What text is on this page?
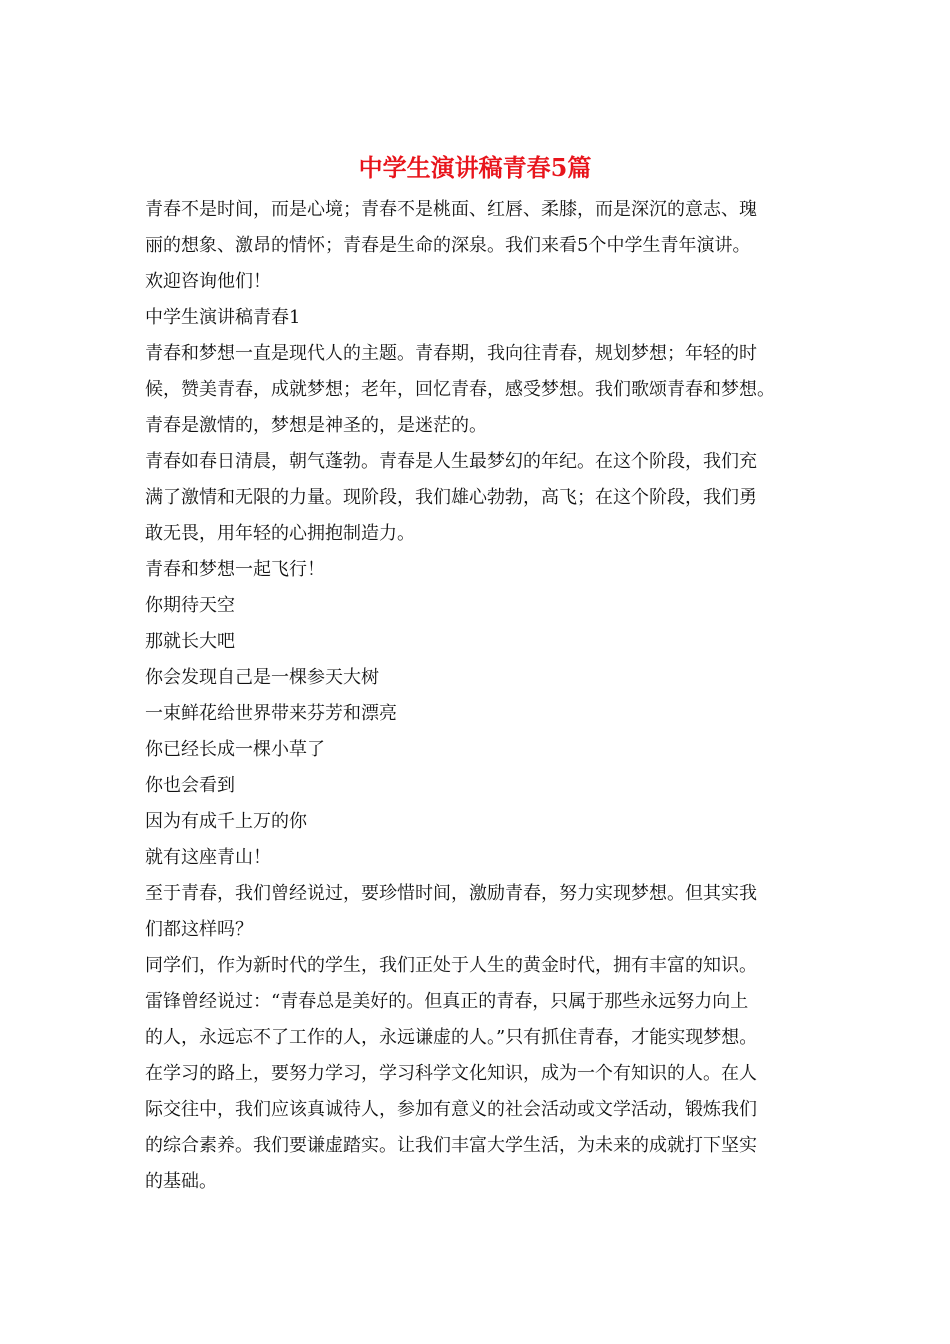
中学生演讲稿青春5篇

青春不是时间，而是心境；青春不是桃面、红唇、柔膝，而是深沉的意志、瑰
丽的想象、激昂的情怀；青春是生命的深泉。我们来看5个中学生青年演讲。
欢迎咨询他们！

中学生演讲稿青春1

青春和梦想一直是现代人的主题。青春期，我向往青春，规划梦想；年轻的时
候，赞美青春，成就梦想；老年，回忆青春，感受梦想。我们歌颂青春和梦想。
青春是激情的，梦想是神圣的，是迷茫的。

青春如春日清晨，朝气蓬勃。青春是人生最梦幻的年纪。在这个阶段，我们充
满了激情和无限的力量。现阶段，我们雄心勃勃，高飞；在这个阶段，我们勇
敢无畏，用年轻的心拥抱制造力。

青春和梦想一起飞行！

你期待天空

那就长大吧

你会发现自己是一棵参天大树

一束鲜花给世界带来芬芳和漂亮

你已经长成一棵小草了

你也会看到

因为有成千上万的你

就有这座青山！

至于青春，我们曾经说过，要珍惜时间，激励青春，努力实现梦想。但其实我
们都这样吗？

同学们，作为新时代的学生，我们正处于人生的黄金时代，拥有丰富的知识。
雷锋曾经说过：“青春总是美好的。但真正的青春，只属于那些永远努力向上
的人，永远忘不了工作的人，永远谦虚的人。”只有抓住青春，才能实现梦想。
在学习的路上，要努力学习，学习科学文化知识，成为一个有知识的人。在人
际交往中，我们应该真诚待人，参加有意义的社会活动或文学活动，锻炼我们
的综合素养。我们要谦虚踏实。让我们丰富大学生活，为未来的成就打下坚实
的基础。
